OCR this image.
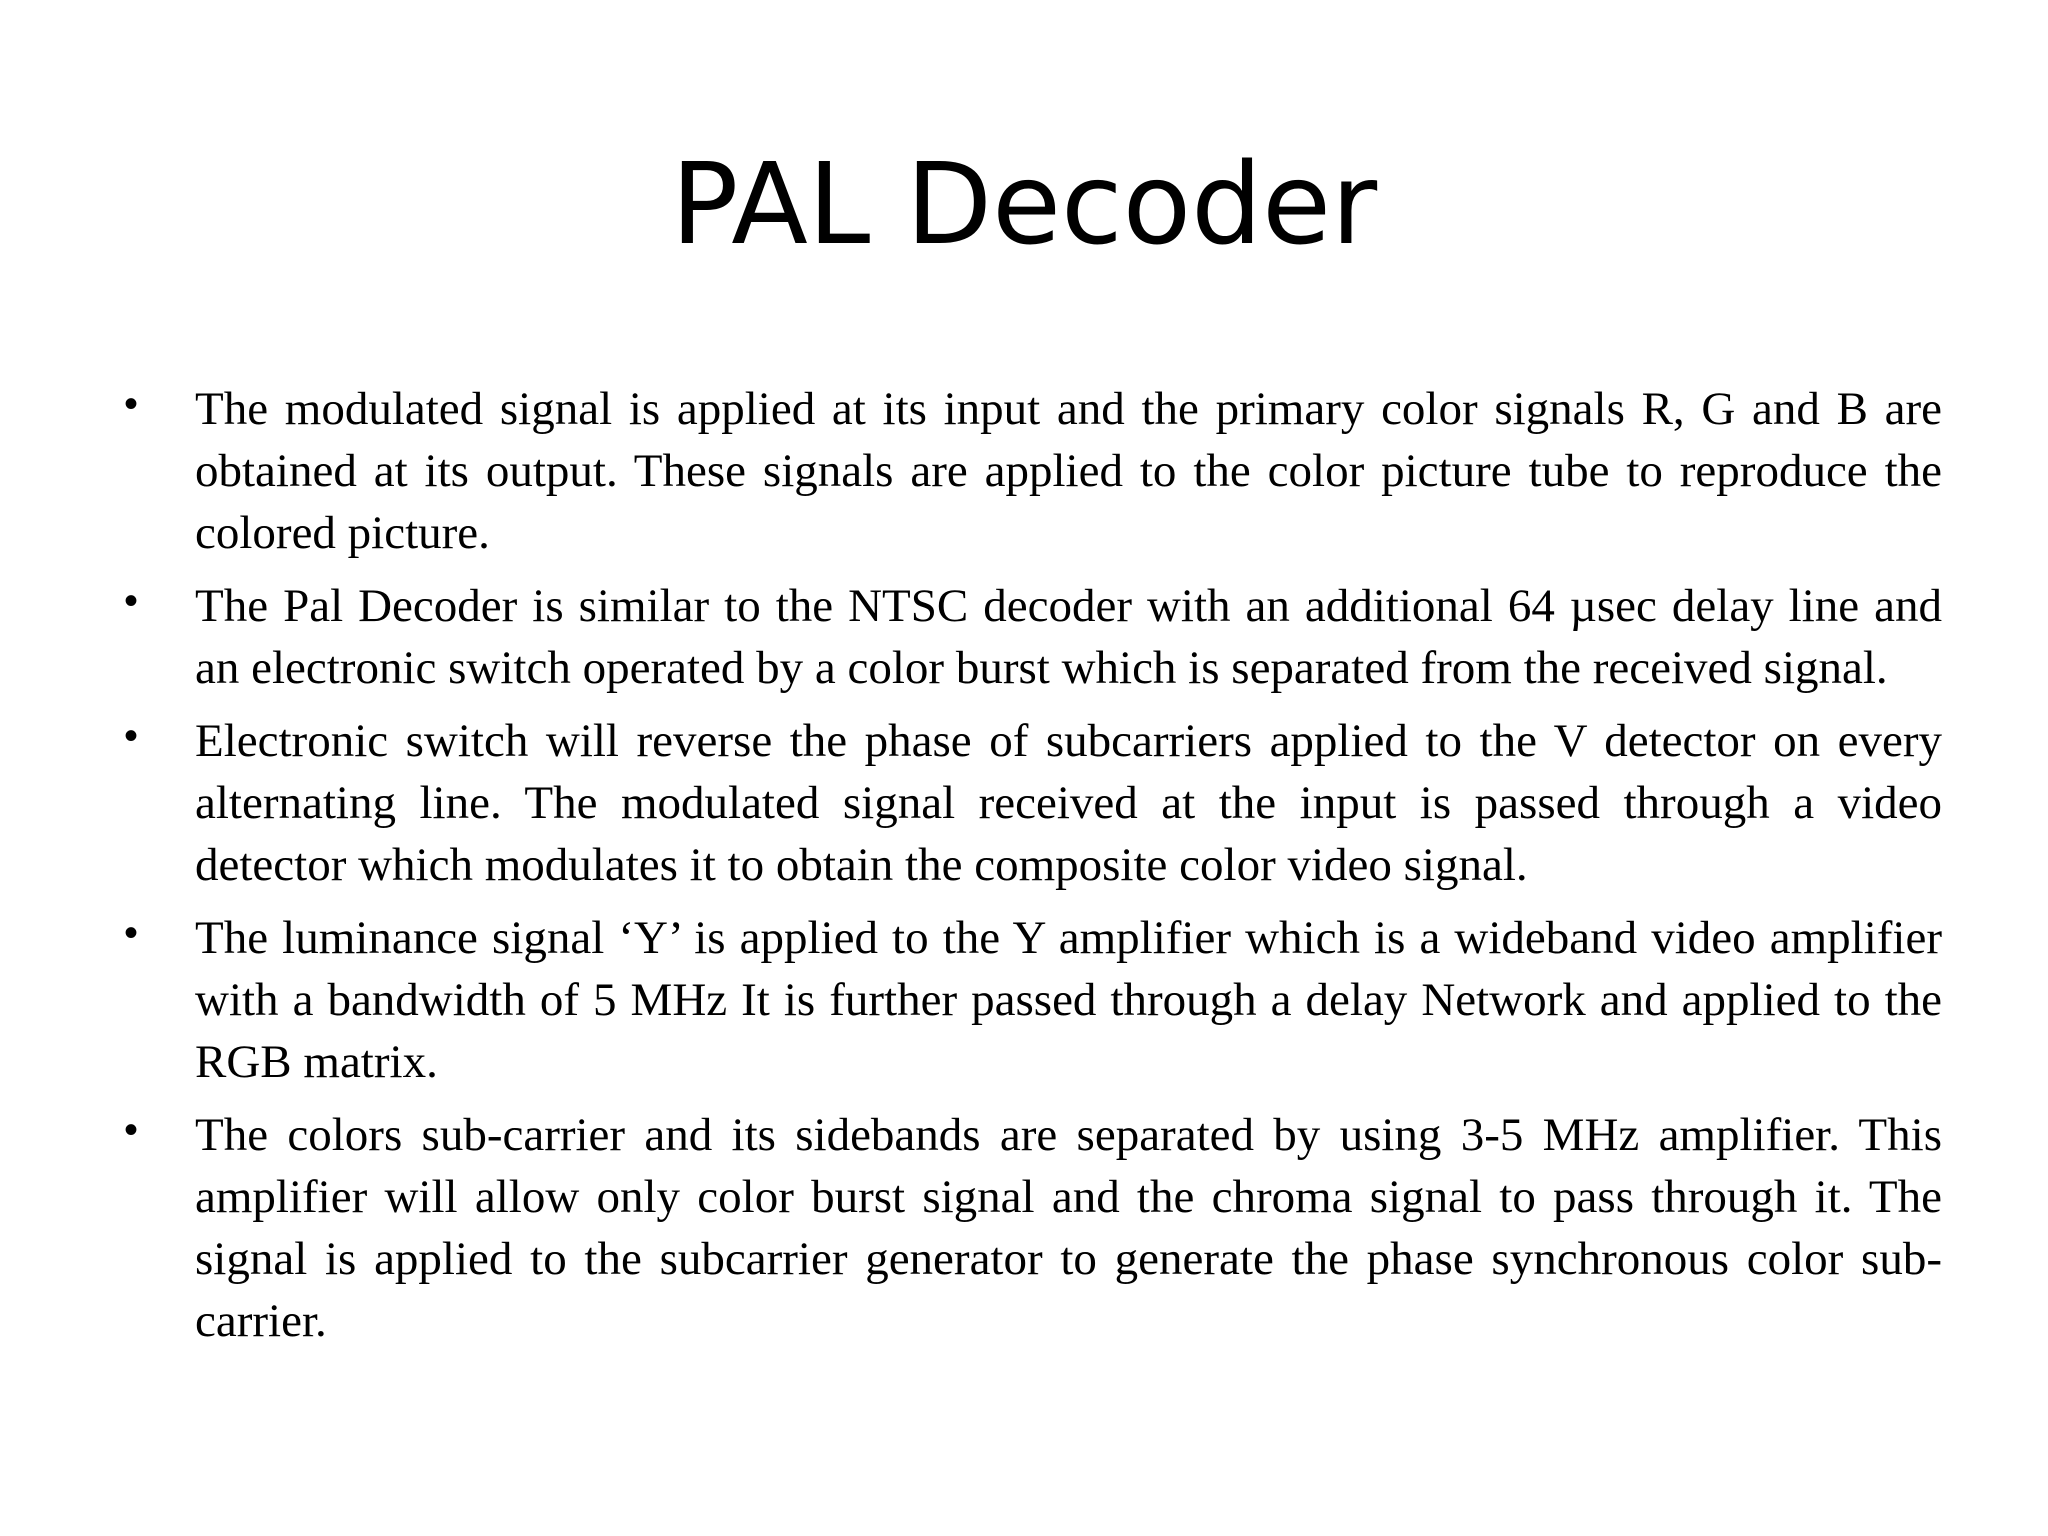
PAL Decoder
•	The modulated signal is applied at its input and the primary color signals R, G and B are obtained at its output. These signals are applied to the color picture tube to reproduce the colored picture.
•	The Pal Decoder is similar to the NTSC decoder with an additional 64 µsec delay line and an electronic switch operated by a color burst which is separated from the received signal.
•	Electronic switch will reverse the phase of subcarriers applied to the V detector on every alternating line. The modulated signal received at the input is passed through a video detector which modulates it to obtain the composite color video signal.
•	The luminance signal ‘Y’ is applied to the Y amplifier which is a wideband video amplifier with a bandwidth of 5 MHz It is further passed through a delay Network and applied to the RGB matrix.
•	The colors sub-carrier and its sidebands are separated by using 3-5 MHz amplifier. This amplifier will allow only color burst signal and the chroma signal to pass through it. The signal is applied to the subcarrier generator to generate the phase synchronous color sub-carrier.
